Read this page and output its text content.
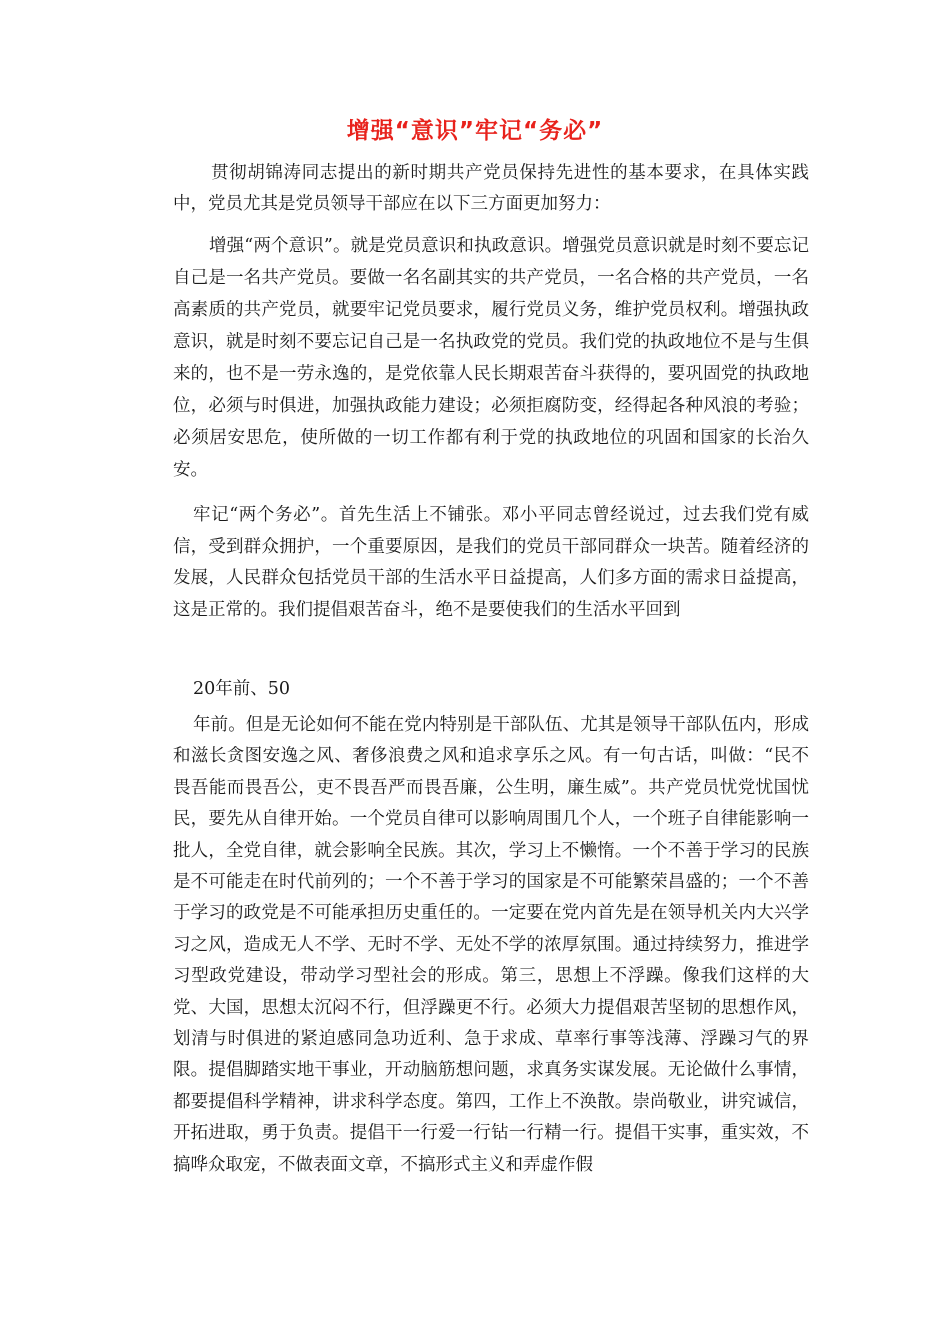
增强“意识”牢记“务必”

贯彻胡锦涛同志提出的新时期共产党员保持先进性的基本要求，在具体实践中，党员尤其是党员领导干部应在以下三方面更加努力：

增强“两个意识”。就是党员意识和执政意识。增强党员意识就是时刻不要忘记自己是一名共产党员。要做一名名副其实的共产党员，一名合格的共产党员，一名高素质的共产党员，就要牢记党员要求，履行党员义务，维护党员权利。增强执政意识，就是时刻不要忘记自己是一名执政党的党员。我们党的执政地位不是与生俱来的，也不是一劳永逸的，是党依靠人民长期艰苦奋斗获得的，要巩固党的执政地位，必须与时俱进，加强执政能力建设；必须拒腐防变，经得起各种风浪的考验；必须居安思危，使所做的一切工作都有利于党的执政地位的巩固和国家的长治久安。

牢记“两个务必”。首先生活上不铺张。邓小平同志曾经说过，过去我们党有威信，受到群众拥护，一个重要原因，是我们的党员干部同群众一块苦。随着经济的发展，人民群众包括党员干部的生活水平日益提高，人们多方面的需求日益提高，这是正常的。我们提倡艰苦奋斗，绝不是要使我们的生活水平回到

20年前、50

年前。但是无论如何不能在党内特别是干部队伍、尤其是领导干部队伍内，形成和滋长贪图安逸之风、奢侈浪费之风和追求享乐之风。有一句古话，叫做：“民不畏吾能而畏吾公，吏不畏吾严而畏吾廉，公生明，廉生威”。共产党员忧党忧国忧民，要先从自律开始。一个党员自律可以影响周围几个人，一个班子自律能影响一批人，全党自律，就会影响全民族。其次，学习上不懒惰。一个不善于学习的民族是不可能走在时代前列的；一个不善于学习的国家是不可能繁荣昌盛的；一个不善于学习的政党是不可能承担历史重任的。一定要在党内首先是在领导机关内大兴学习之风，造成无人不学、无时不学、无处不学的浓厚氛围。通过持续努力，推进学习型政党建设，带动学习型社会的形成。第三，思想上不浮躁。像我们这样的大党、大国，思想太沉闷不行，但浮躁更不行。必须大力提倡艰苦坚韧的思想作风，划清与时俱进的紧迫感同急功近利、急于求成、草率行事等浅薄、浮躁习气的界限。提倡脚踏实地干事业，开动脑筋想问题，求真务实谋发展。无论做什么事情，都要提倡科学精神，讲求科学态度。第四，工作上不涣散。崇尚敬业，讲究诚信，开拓进取，勇于负责。提倡干一行爱一行钻一行精一行。提倡干实事，重实效，不搞哗众取宠，不做表面文章，不搞形式主义和弄虚作假
